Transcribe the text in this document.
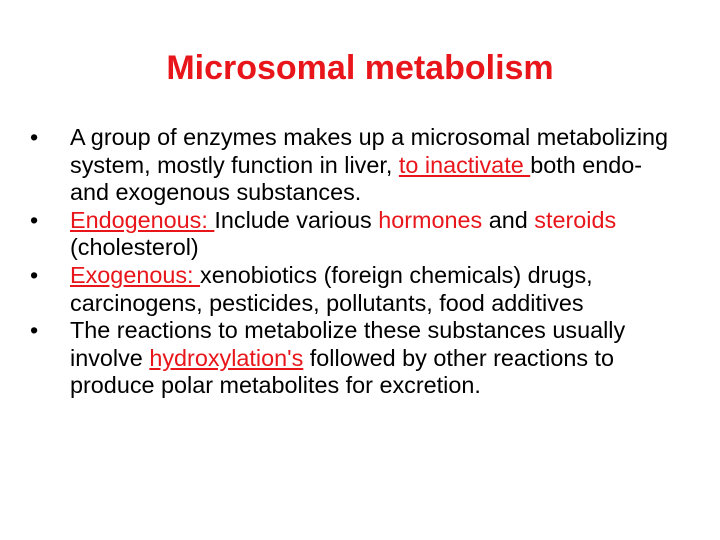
Microsomal metabolism
•	A group of enzymes makes up a microsomal metabolizing system, mostly function in liver, to inactivate both endo-and exogenous substances.
•	Endogenous: Include various hormones and steroids (cholesterol)
•	Exogenous: xenobiotics (foreign chemicals) drugs, carcinogens, pesticides, pollutants, food additives
•	The reactions to metabolize these substances usually involve hydroxylation's followed by other reactions to produce polar metabolites for excretion.
